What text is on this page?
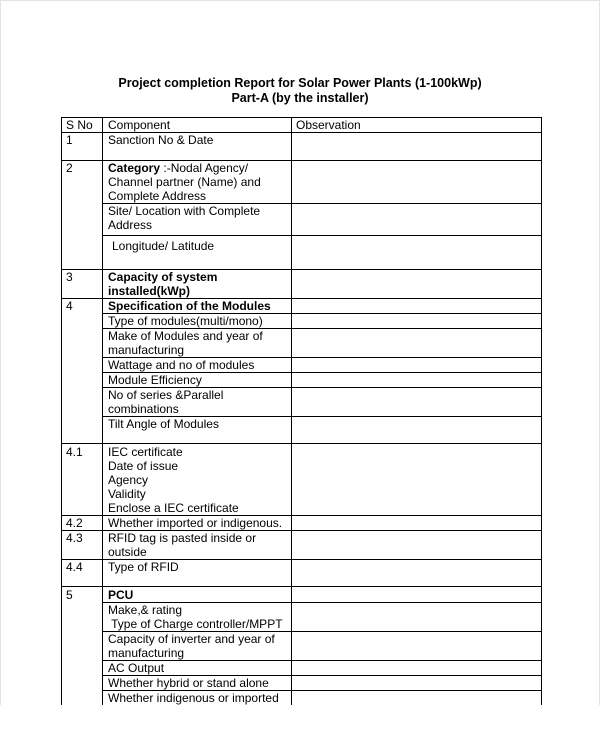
Project completion Report for Solar Power Plants (1-100kWp)
Part-A (by the installer)
S No	Component	Observation
1	Sanction No & Date	
2	Category :-Nodal Agency/ Channel partner (Name) and Complete Address	
	Site/ Location with Complete Address	
	Longitude/ Latitude	
3	Capacity of system installed(kWp)	
4	Specification of the Modules	
	Type of modules(multi/mono)	
	Make of Modules and year of manufacturing	
	Wattage and no of modules	
	Module Efficiency	
	No of series &Parallel combinations	
	Tilt Angle of Modules	
4.1	IEC certificate
Date of issue
Agency
Validity
Enclose a IEC certificate	

4.2	Whether imported or indigenous.	
4.3	RFID tag is pasted inside or outside	
4.4	Type of RFID	
5	PCU	

	Make,& rating
Type of Charge controller/MPPT	

	Capacity of inverter and year of manufacturing	
	AC Output	
	Whether hybrid or stand alone	
	Whether indigenous or imported	
